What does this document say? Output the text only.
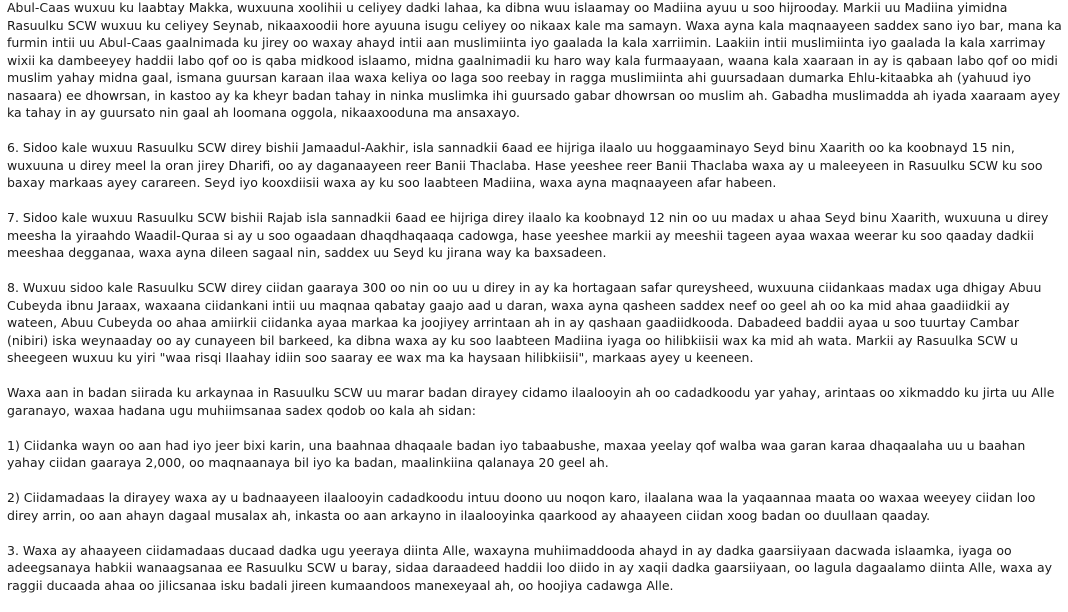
Abul-Caas wuxuu ku laabtay Makka, wuxuuna xoolihii u celiyey dadki lahaa, ka dibna wuu islaamay oo Madiina ayuu u soo hijrooday. Markii uu Madiina yimidna Rasuulku SCW wuxuu ku celiyey Seynab, nikaaxoodii hore ayuuna isugu celiyey oo nikaax kale ma samayn. Waxa ayna kala maqnaayeen saddex sano iyo bar, mana ka furmin intii uu Abul-Caas gaalnimada ku jirey oo waxay ahayd intii aan muslimiinta iyo gaalada la kala xarriimin. Laakiin intii muslimiinta iyo gaalada la kala xarrimay wixii ka dambeeyey haddii labo qof oo is qaba midkood islaamo, midna gaalnimadii ku haro way kala furmaayaan, waana kala xaaraan in ay is qabaan labo qof oo midi muslim yahay midna gaal, ismana guursan karaan ilaa waxa keliya oo laga soo reebay in ragga muslimiinta ahi guursadaan dumarka Ehlu-kitaabka ah (yahuud iyo nasaara) ee dhowrsan, in kastoo ay ka kheyr badan tahay in ninka muslimka ihi guursado gabar dhowrsan oo muslim ah. Gabadha muslimadda ah iyada xaaraam ayey ka tahay in ay guursato nin gaal ah loomana oggola, nikaaxooduna ma ansaxayo.

6. Sidoo kale wuxuu Rasuulku SCW direy bishii Jamaadul-Aakhir, isla sannadkii 6aad ee hijriga ilaalo uu hoggaaminayo Seyd binu Xaarith oo ka koobnayd 15 nin, wuxuuna u direy meel la oran jirey Dharifi, oo ay daganaayeen reer Banii Thaclaba. Hase yeeshee reer Banii Thaclaba waxa ay u maleeyeen in Rasuulku SCW ku soo baxay markaas ayey carareen. Seyd iyo kooxdiisii waxa ay ku soo laabteen Madiina, waxa ayna maqnaayeen afar habeen.

7. Sidoo kale wuxuu Rasuulku SCW bishii Rajab isla sannadkii 6aad ee hijriga direy ilaalo ka koobnayd 12 nin oo uu madax u ahaa Seyd binu Xaarith, wuxuuna u direy meesha la yiraahdo Waadil-Quraa si ay u soo ogaadaan dhaqdhaqaaqa cadowga, hase yeeshee markii ay meeshii tageen ayaa waxaa weerar ku soo qaaday dadkii meeshaa degganaa, waxa ayna dileen sagaal nin, saddex uu Seyd ku jirana way ka baxsadeen.

8. Wuxuu sidoo kale Rasuulku SCW direy ciidan gaaraya 300 oo nin oo uu u direy in ay ka hortagaan safar qureysheed, wuxuuna ciidankaas madax uga dhigay Abuu Cubeyda ibnu Jaraax, waxaana ciidankani intii uu maqnaa qabatay gaajo aad u daran, waxa ayna qasheen saddex neef oo geel ah oo ka mid ahaa gaadiidkii ay wateen, Abuu Cubeyda oo ahaa amiirkii ciidanka ayaa markaa ka joojiyey arrintaan ah in ay qashaan gaadiidkooda. Dabadeed baddii ayaa u soo tuurtay Cambar (nibiri) iska weynaaday oo ay cunayeen bil barkeed, ka dibna waxa ay ku soo laabteen Madiina iyaga oo hilibkiisii wax ka mid ah wata. Markii ay Rasuulka SCW u sheegeen wuxuu ku yiri "waa risqi Ilaahay idiin soo saaray ee wax ma ka haysaan hilibkiisii", markaas ayey u keeneen.

Waxa aan in badan siirada ku arkaynaa in Rasuulku SCW uu marar badan dirayey cidamo ilaalooyin ah oo cadadkoodu yar yahay, arintaas oo xikmaddo ku jirta uu Alle garanayo, waxaa hadana ugu muhiimsanaa sadex qodob oo kala ah sidan:

1) Ciidanka wayn oo aan had iyo jeer bixi karin, una baahnaa dhaqaale badan iyo tabaabushe, maxaa yeelay qof walba waa garan karaa dhaqaalaha uu u baahan yahay ciidan gaaraya 2,000, oo maqnaanaya bil iyo ka badan, maalinkiina qalanaya 20 geel ah.

2) Ciidamadaas la dirayey waxa ay u badnaayeen ilaalooyin cadadkoodu intuu doono uu noqon karo, ilaalana waa la yaqaannaa maata oo waxaa weeyey ciidan loo direy arrin, oo aan ahayn dagaal musalax ah, inkasta oo aan arkayno in ilaalooyinka qaarkood ay ahaayeen ciidan xoog badan oo duullaan qaaday.

3. Waxa ay ahaayeen ciidamadaas ducaad dadka ugu yeeraya diinta Alle, waxayna muhiimaddooda ahayd in ay dadka gaarsiiyaan dacwada islaamka, iyaga oo adeegsanaya habkii wanaagsanaa ee Rasuulku SCW u baray, sidaa daraadeed haddii loo diido in ay xaqii dadka gaarsiiyaan, oo lagula dagaalamo diinta Alle, waxa ay raggii ducaada ahaa oo jilicsanaa isku badali jireen kumaandoos manexeyaal ah, oo hoojiya cadawga Alle.
